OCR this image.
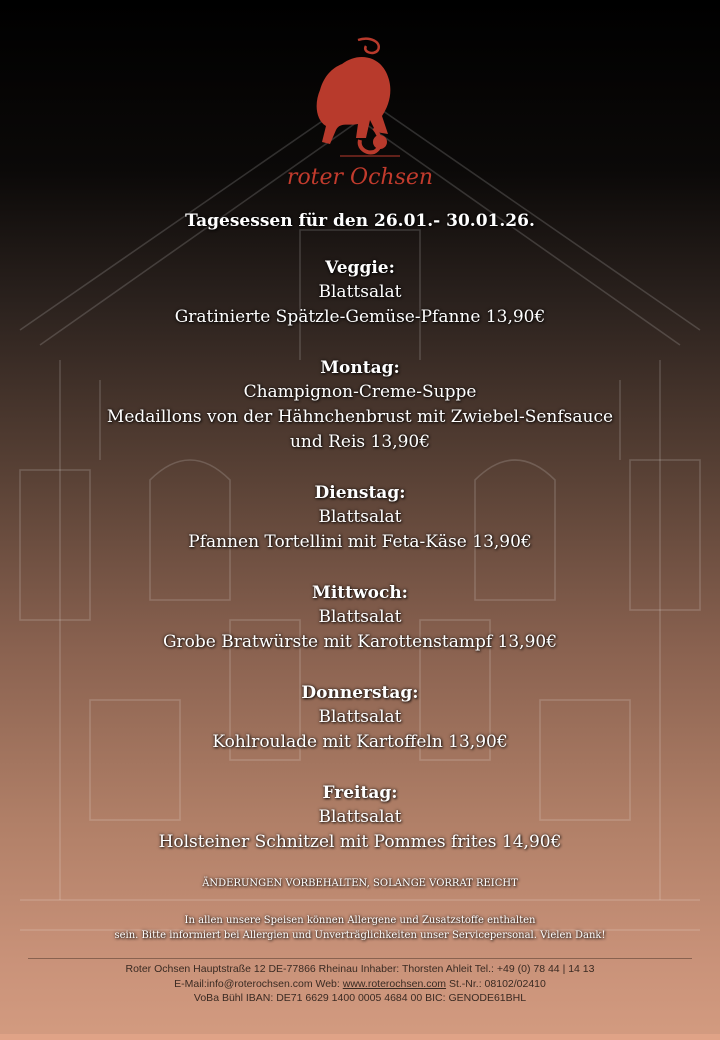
roter Ochsen
Tagesessen für den 26.01.- 30.01.26.
Veggie:
Blattsalat
Gratinierte Spätzle-Gemüse-Pfanne 13,90€
Montag:
Champignon-Creme-Suppe
Medaillons von der Hähnchenbrust mit Zwiebel-Senfsauce
und Reis 13,90€
Dienstag:
Blattsalat
Pfannen Tortellini mit Feta-Käse 13,90€
Mittwoch:
Blattsalat
Grobe Bratwürste mit Karottenstampf 13,90€
Donnerstag:
Blattsalat
Kohlroulade mit Kartoffeln 13,90€
Freitag:
Blattsalat
Holsteiner Schnitzel mit Pommes frites 14,90€
ÄNDERUNGEN VORBEHALTEN, SOLANGE VORRAT REICHT
In allen unsere Speisen können Allergene und Zusatzstoffe enthalten
sein. Bitte informiert bei Allergien und Unverträglichkeiten unser Servicepersonal. Vielen Dank!
Roter Ochsen Hauptstraße 12 DE-77866 Rheinau Inhaber: Thorsten Ahleit Tel.: +49 (0) 78 44 | 14 13
E-Mail:info@roterochsen.com Web: www.roterochsen.com St.-Nr.: 08102/02410
VoBa Bühl IBAN: DE71 6629 1400 0005 4684 00 BIC: GENODE61BHL
